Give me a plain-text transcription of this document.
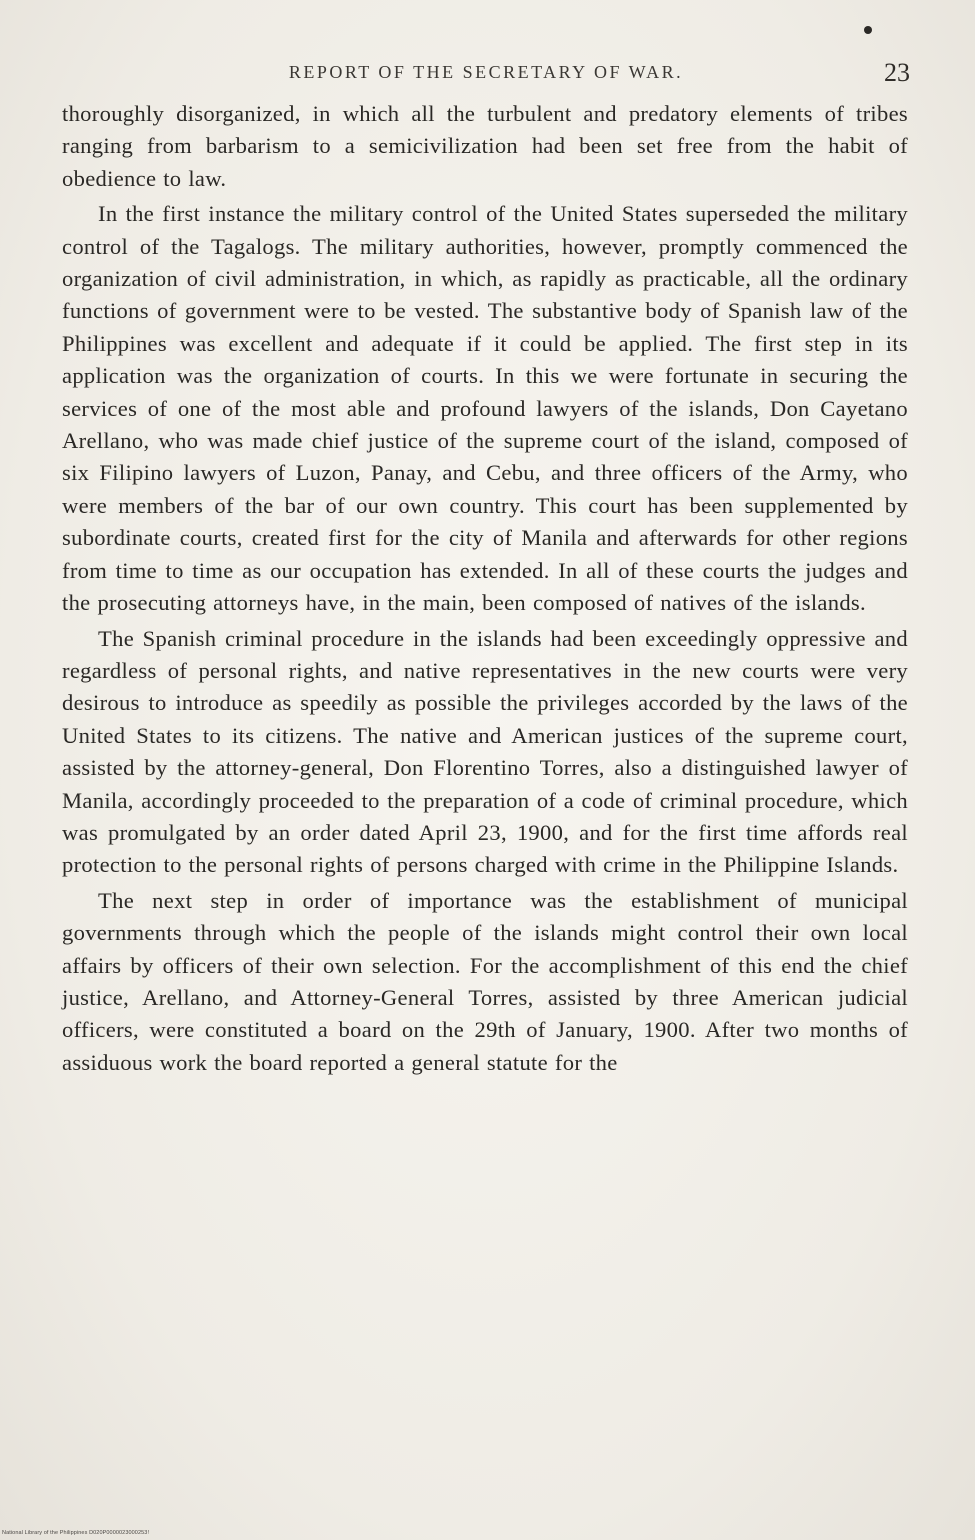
REPORT OF THE SECRETARY OF WAR.	23

thoroughly disorganized, in which all the turbulent and predatory elements of tribes ranging from barbarism to a semicivilization had been set free from the habit of obedience to law.

In the first instance the military control of the United States superseded the military control of the Tagalogs. The military authorities, however, promptly commenced the organization of civil administration, in which, as rapidly as practicable, all the ordinary functions of government were to be vested. The substantive body of Spanish law of the Philippines was excellent and adequate if it could be applied. The first step in its application was the organization of courts. In this we were fortunate in securing the services of one of the most able and profound lawyers of the islands, Don Cayetano Arellano, who was made chief justice of the supreme court of the island, composed of six Filipino lawyers of Luzon, Panay, and Cebu, and three officers of the Army, who were members of the bar of our own country. This court has been supplemented by subordinate courts, created first for the city of Manila and afterwards for other regions from time to time as our occupation has extended. In all of these courts the judges and the prosecuting attorneys have, in the main, been composed of natives of the islands.

The Spanish criminal procedure in the islands had been exceedingly oppressive and regardless of personal rights, and native representatives in the new courts were very desirous to introduce as speedily as possible the privileges accorded by the laws of the United States to its citizens. The native and American justices of the supreme court, assisted by the attorney-general, Don Florentino Torres, also a distinguished lawyer of Manila, accordingly proceeded to the preparation of a code of criminal procedure, which was promulgated by an order dated April 23, 1900, and for the first time affords real protection to the personal rights of persons charged with crime in the Philippine Islands.

The next step in order of importance was the establishment of municipal governments through which the people of the islands might control their own local affairs by officers of their own selection. For the accomplishment of this end the chief justice, Arellano, and Attorney-General Torres, assisted by three American judicial officers, were constituted a board on the 29th of January, 1900. After two months of assiduous work the board reported a general statute for the

National Library of the Philippines D020P0000023000253!
